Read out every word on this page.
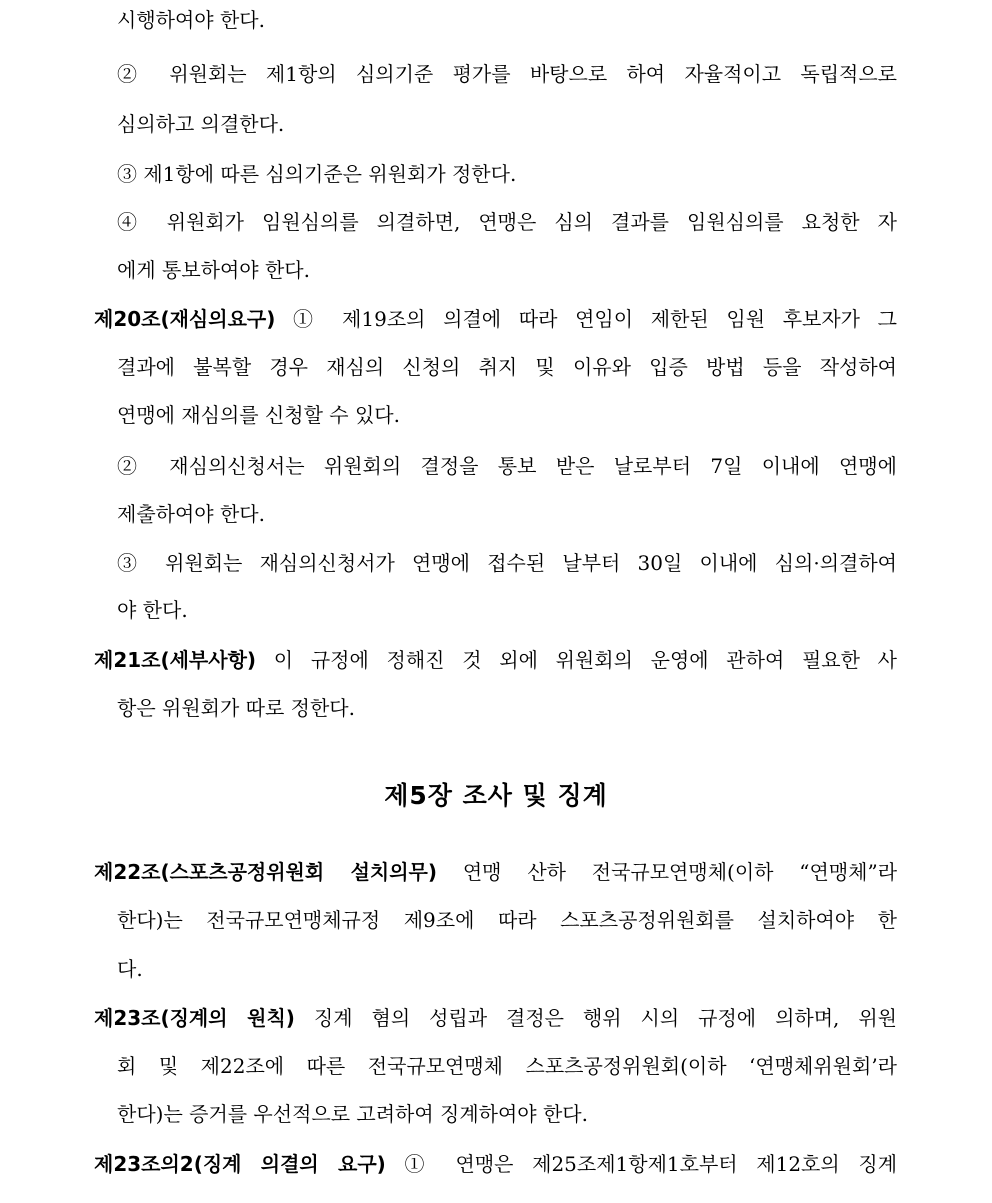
시행하여야 한다.
② 위원회는 제1항의 심의기준 평가를 바탕으로 하여 자율적이고 독립적으로
심의하고 의결한다.
③ 제1항에 따른 심의기준은 위원회가 정한다.
④ 위원회가 임원심의를 의결하면, 연맹은 심의 결과를 임원심의를 요청한 자
에게 통보하여야 한다.
제20조(재심의요구) ① 제19조의 의결에 따라 연임이 제한된 임원 후보자가 그
결과에 불복할 경우 재심의 신청의 취지 및 이유와 입증 방법 등을 작성하여
연맹에 재심의를 신청할 수 있다.
② 재심의신청서는 위원회의 결정을 통보 받은 날로부터 7일 이내에 연맹에
제출하여야 한다.
③ 위원회는 재심의신청서가 연맹에 접수된 날부터 30일 이내에 심의·의결하여
야 한다.
제21조(세부사항) 이 규정에 정해진 것 외에 위원회의 운영에 관하여 필요한 사
항은 위원회가 따로 정한다.
제5장 조사 및 징계
제22조(스포츠공정위원회 설치의무) 연맹 산하 전국규모연맹체(이하 “연맹체”라
한다)는 전국규모연맹체규정 제9조에 따라 스포츠공정위원회를 설치하여야 한
다.
제23조(징계의 원칙) 징계 혐의 성립과 결정은 행위 시의 규정에 의하며, 위원
회 및 제22조에 따른 전국규모연맹체 스포츠공정위원회(이하 ‘연맹체위원회’라
한다)는 증거를 우선적으로 고려하여 징계하여야 한다.
제23조의2(징계 의결의 요구) ① 연맹은 제25조제1항제1호부터 제12호의 징계
